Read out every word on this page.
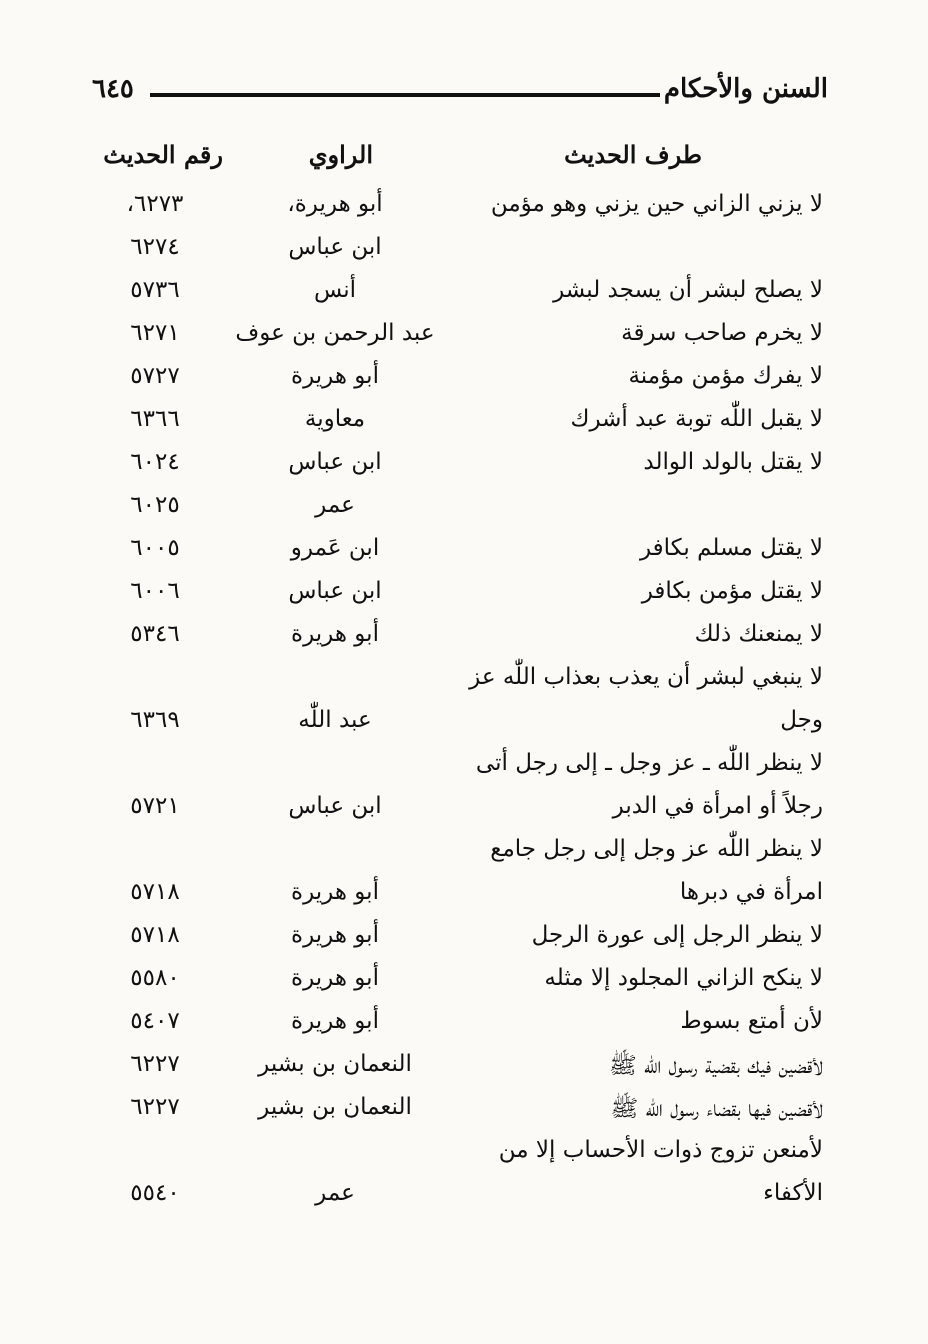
السنن والأحكام
٦٤٥
طرف الحديث
الراوي
رقم الحديث
لا يزني الزاني حين يزني وهو مؤمن
أبو هريرة،
٦٢٧٣،
ابن عباس
٦٢٧٤
لا يصلح لبشر أن يسجد لبشر
أنس
٥٧٣٦
لا يخرم صاحب سرقة
عبد الرحمن بن عوف
٦٢٧١
لا يفرك مؤمن مؤمنة
أبو هريرة
٥٧٢٧
لا يقبل اللّٰه توبة عبد أشرك
معاوية
٦٣٦٦
لا يقتل بالولد الوالد
ابن عباس
٦٠٢٤
عمر
٦٠٢٥
لا يقتل مسلم بكافر
ابن عَمرو
٦٠٠٥
لا يقتل مؤمن بكافر
ابن عباس
٦٠٠٦
لا يمنعنك ذلك
أبو هريرة
٥٣٤٦
لا ينبغي لبشر أن يعذب بعذاب اللّٰه عز
وجل
عبد اللّٰه
٦٣٦٩
لا ينظر اللّٰه ـ عز وجل ـ إلى رجل أتى
رجلاً أو امرأة في الدبر
ابن عباس
٥٧٢١
لا ينظر اللّٰه عز وجل إلى رجل جامع
امرأة في دبرها
أبو هريرة
٥٧١٨
لا ينظر الرجل إلى عورة الرجل
أبو هريرة
٥٧١٨
لا ينكح الزاني المجلود إلا مثله
أبو هريرة
٥٥٨٠
لأن أمتع بسوط
أبو هريرة
٥٤٠٧
لأقضين فيك بقضية رسول اللّٰه ﷺ
النعمان بن بشير
٦٢٢٧
لأقضين فيها بقضاء رسول اللّٰه ﷺ
النعمان بن بشير
٦٢٢٧
لأمنعن تزوج ذوات الأحساب إلا من
الأكفاء
عمر
٥٥٤٠
